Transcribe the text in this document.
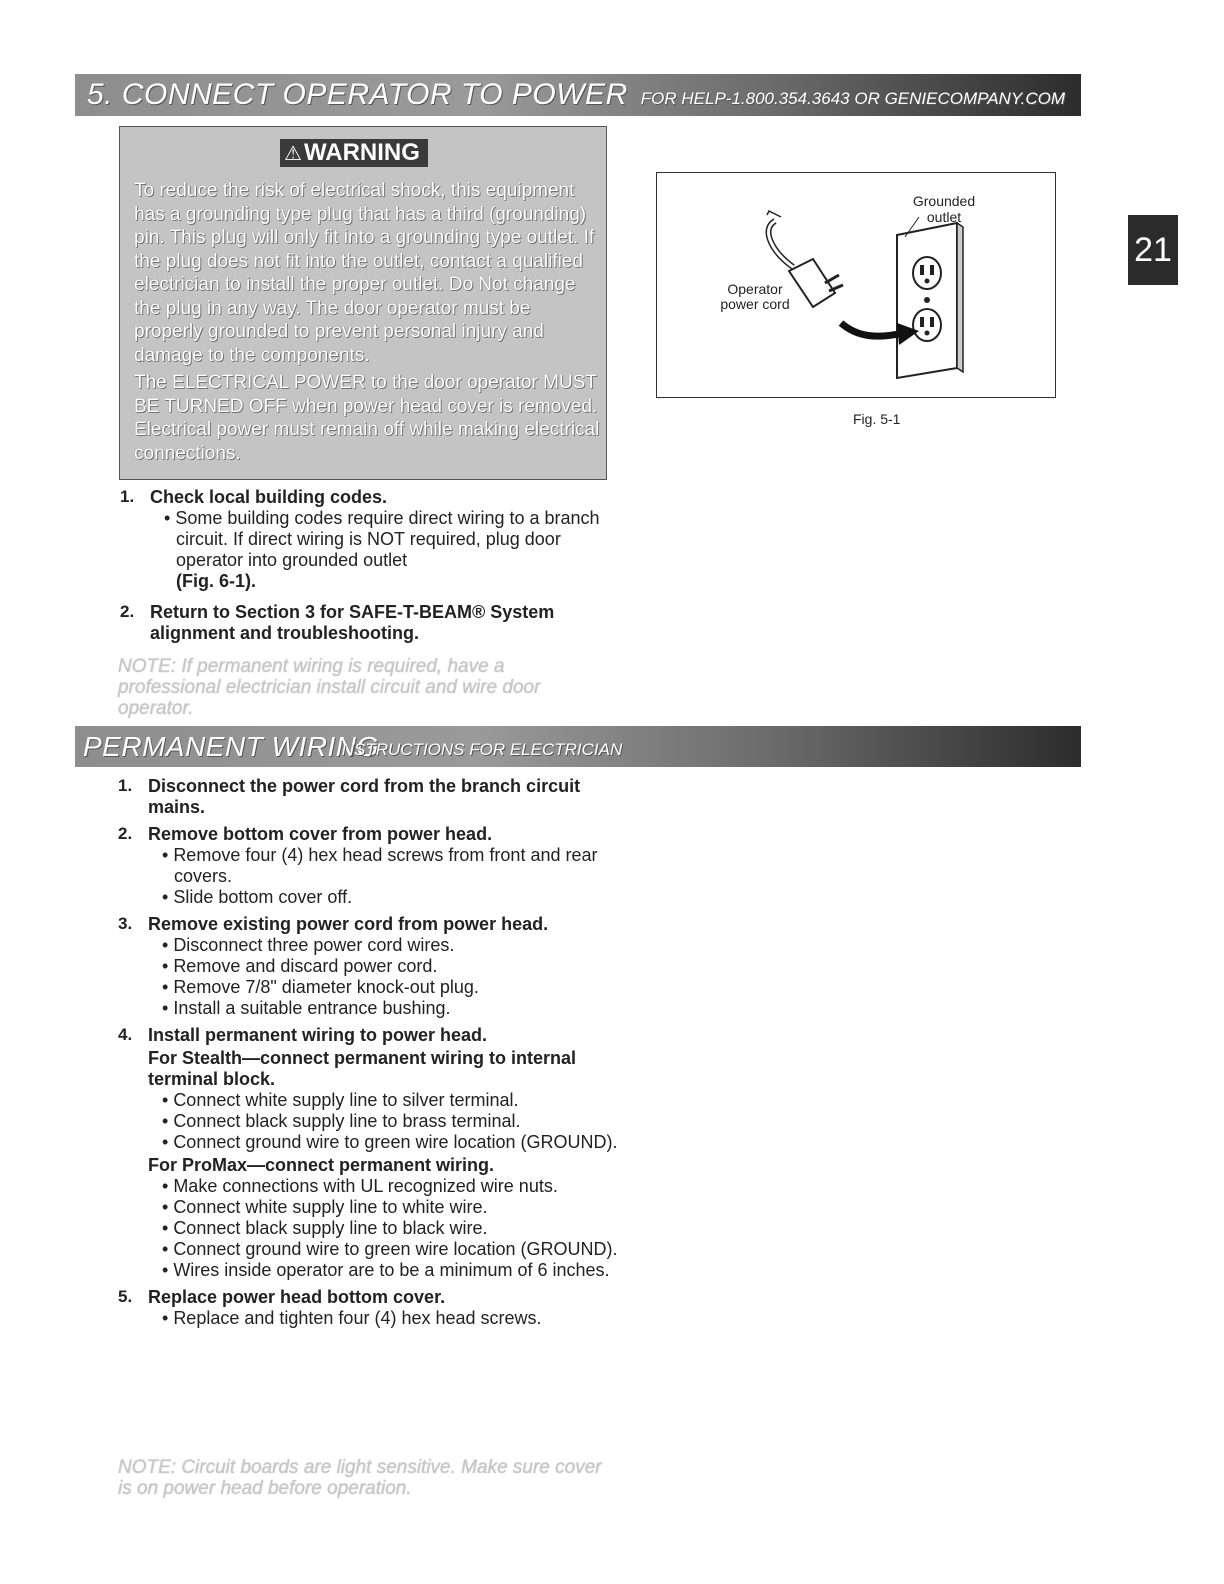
5. CONNECT OPERATOR TO POWER FOR HELP-1.800.354.3643 OR GENIECOMPANY.COM
⚠WARNING

To reduce the risk of electrical shock, this equipment has a grounding type plug that has a third (grounding) pin. This plug will only fit into a grounding type outlet. If the plug does not fit into the outlet, contact a qualified electrician to install the proper outlet. Do Not change the plug in any way. The door operator must be properly grounded to prevent personal injury and damage to the components.

The ELECTRICAL POWER to the door operator MUST BE TURNED OFF when power head cover is removed. Electrical power must remain off while making electrical connections.

Grounded
outlet
Operator
power cord
Fig. 5-1
21
1. Check local building codes.
• Some building codes require direct wiring to a branch circuit. If direct wiring is NOT required, plug door operator into grounded outlet
(Fig. 6-1).
2. Return to Section 3 for SAFE-T-BEAM® System alignment and troubleshooting.
NOTE: If permanent wiring is required, have a professional electrician install circuit and wire door operator.
PERMANENT WIRING
INSTRUCTIONS FOR ELECTRICIAN
1. Disconnect the power cord from the branch circuit mains.
2. Remove bottom cover from power head.
• Remove four (4) hex head screws from front and rear covers.
• Slide bottom cover off.
3. Remove existing power cord from power head.
• Disconnect three power cord wires.
• Remove and discard power cord.
• Remove 7/8" diameter knock-out plug.
• Install a suitable entrance bushing.
4. Install permanent wiring to power head.
For Stealth—connect permanent wiring to internal terminal block.
• Connect white supply line to silver terminal.
• Connect black supply line to brass terminal.
• Connect ground wire to green wire location (GROUND).
For ProMax—connect permanent wiring.
• Make connections with UL recognized wire nuts.
• Connect white supply line to white wire.
• Connect black supply line to black wire.
• Connect ground wire to green wire location (GROUND).
• Wires inside operator are to be a minimum of 6 inches.
5. Replace power head bottom cover.
• Replace and tighten four (4) hex head screws.
NOTE: Circuit boards are light sensitive. Make sure cover is on power head before operation.
